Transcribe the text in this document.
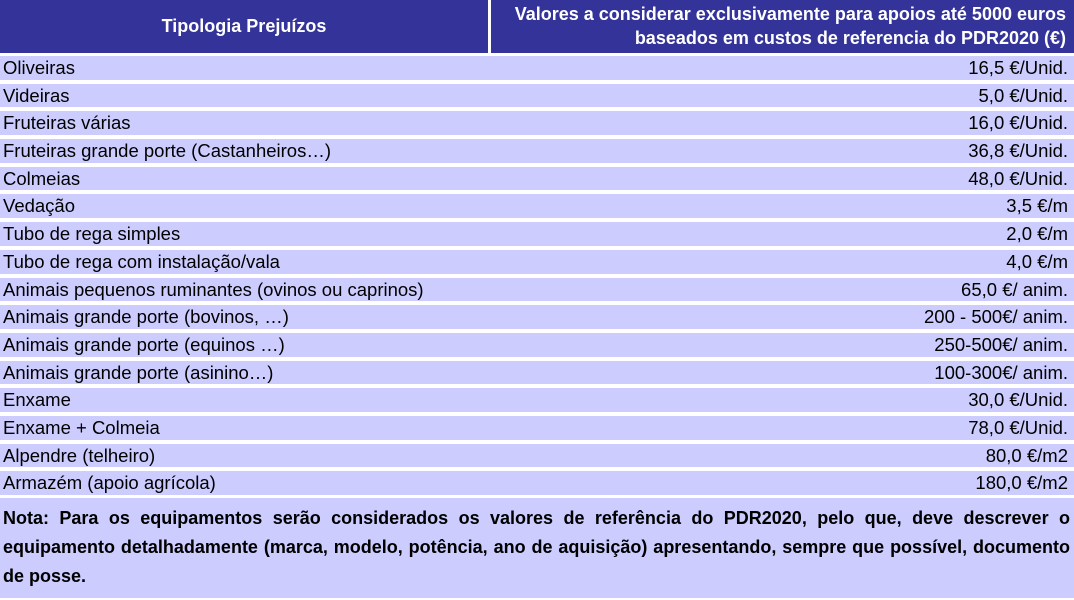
Tipologia Prejuízos
Valores a considerar exclusivamente para apoios até 5000 euros
baseados em custos de referencia do PDR2020 (€)
Oliveiras	16,5 €/Unid.
Videiras	5,0 €/Unid.
Fruteiras várias	16,0 €/Unid.
Fruteiras grande porte (Castanheiros…)	36,8 €/Unid.
Colmeias	48,0 €/Unid.
Vedação	3,5 €/m
Tubo de rega simples	2,0 €/m
Tubo de rega com instalação/vala	4,0 €/m
Animais pequenos ruminantes (ovinos ou caprinos)	65,0 €/ anim.
Animais grande porte (bovinos, …)	200 - 500€/ anim.
Animais grande porte (equinos …)	250-500€/ anim.
Animais grande porte (asinino…)	100-300€/ anim.
Enxame	30,0 €/Unid.
Enxame + Colmeia	78,0 €/Unid.
Alpendre (telheiro)	80,0 €/m2
Armazém (apoio agrícola)	180,0 €/m2
Nota: Para os equipamentos serão considerados os valores de referência do PDR2020, pelo que, deve descrever o equipamento detalhadamente (marca, modelo, potência, ano de aquisição) apresentando, sempre que possível, documento de posse.
